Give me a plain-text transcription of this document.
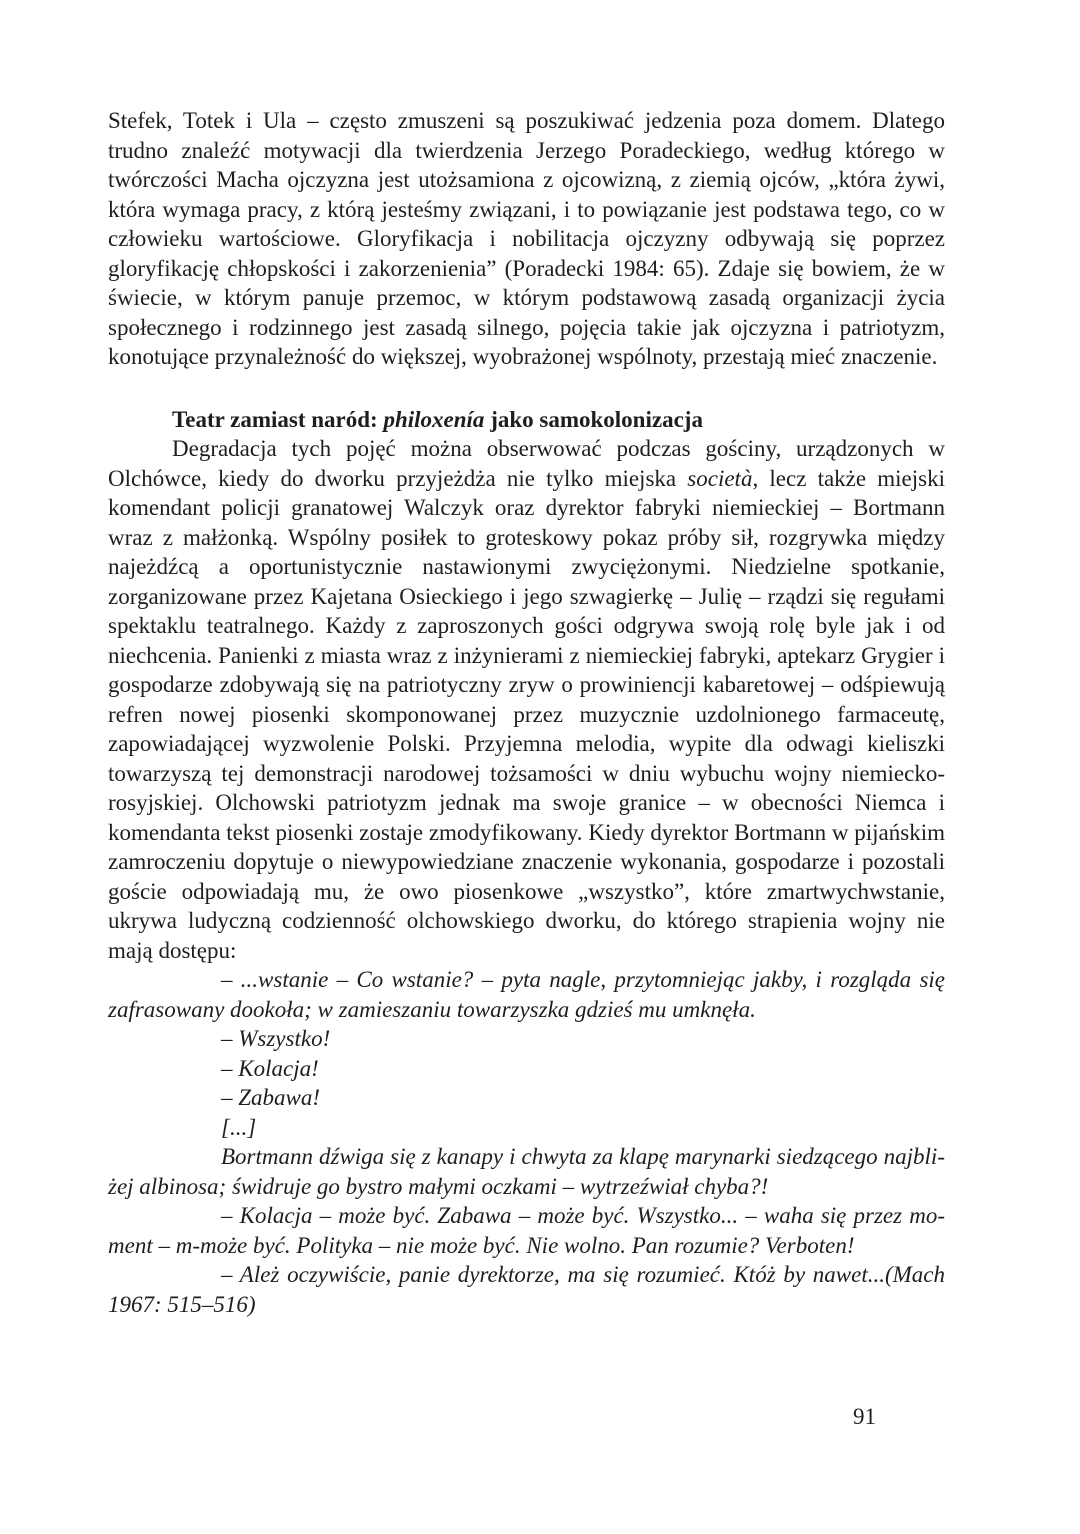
Stefek, Totek i Ula – często zmuszeni są poszukiwać jedzenia poza domem. Dlatego trudno znaleźć motywacji dla twierdzenia Jerzego Poradeckiego, według którego w twórczości Macha ojczyzna jest utożsamiona z ojcowizną, z ziemią ojców, „która żywi, która wymaga pracy, z którą jesteśmy związani, i to powiązanie jest podstawa tego, co w człowieku wartościowe. Gloryfikacja i nobilitacja ojczyzny odbywają się poprzez gloryfikację chłopskości i zakorzenienia” (Poradecki 1984: 65). Zdaje się bowiem, że w świecie, w którym panuje przemoc, w którym podstawową zasadą organizacji życia społecznego i rodzinnego jest zasadą silnego, pojęcia takie jak ojczyzna i patriotyzm, konotujące przynależność do większej, wyobrażonej wspólnoty, przestają mieć znaczenie.

Teatr zamiast naród: philoxenía jako samokolonizacja

Degradacja tych pojęć można obserwować podczas gościny, urządzonych w Olchówce, kiedy do dworku przyjeżdża nie tylko miejska società, lecz także miejski komendant policji granatowej Walczyk oraz dyrektor fabryki niemieckiej – Bortmann wraz z małżonką. Wspólny posiłek to groteskowy pokaz próby sił, rozgrywka między najeżdźcą a oportunistycznie nastawionymi zwyciężonymi. Niedzielne spotkanie, zorganizowane przez Kajetana Osieckiego i jego szwagierkę – Julię – rządzi się regułami spektaklu teatralnego. Każdy z zaproszonych gości odgrywa swoją rolę byle jak i od niechcenia. Panienki z miasta wraz z inżynierami z niemieckiej fabryki, aptekarz Grygier i gospodarze zdobywają się na patriotyczny zryw o prowiniencji kabaretowej – odśpiewują refren nowej piosenki skomponowanej przez muzycznie uzdolnionego farmaceutę, zapowiadającej wyzwolenie Polski. Przyjemna melodia, wypite dla odwagi kieliszki towarzyszą tej demonstracji narodowej tożsamości w dniu wybuchu wojny niemiecko-rosyjskiej. Olchowski patriotyzm jednak ma swoje granice – w obecności Niemca i komendanta tekst piosenki zostaje zmodyfikowany. Kiedy dyrektor Bortmann w pijańskim zamroczeniu dopytuje o niewypowiedziane znaczenie wykonania, gospodarze i pozostali goście odpowiadają mu, że owo piosenkowe „wszystko”, które zmartwychwstanie, ukrywa ludyczną codzienność olchowskiego dworku, do którego strapienia wojny nie mają dostępu:

– ...wstanie – Co wstanie? – pyta nagle, przytomniejąc jakby, i rozgląda się zafrasowany dookoła; w zamieszaniu towarzyszka gdzieś mu umknęła.

– Wszystko!

– Kolacja!

– Zabawa!

[...]

Bortmann dźwiga się z kanapy i chwyta za klapę marynarki siedzącego najbliżej albinosa; świdruje go bystro małymi oczkami – wytrzeźwiał chyba?!

– Kolacja – może być. Zabawa – może być. Wszystko... – waha się przez moment – m-może być. Polityka – nie może być. Nie wolno. Pan rozumie? Verboten!

– Ależ oczywiście, panie dyrektorze, ma się rozumieć. Któż by nawet...(Mach 1967: 515–516)

91
